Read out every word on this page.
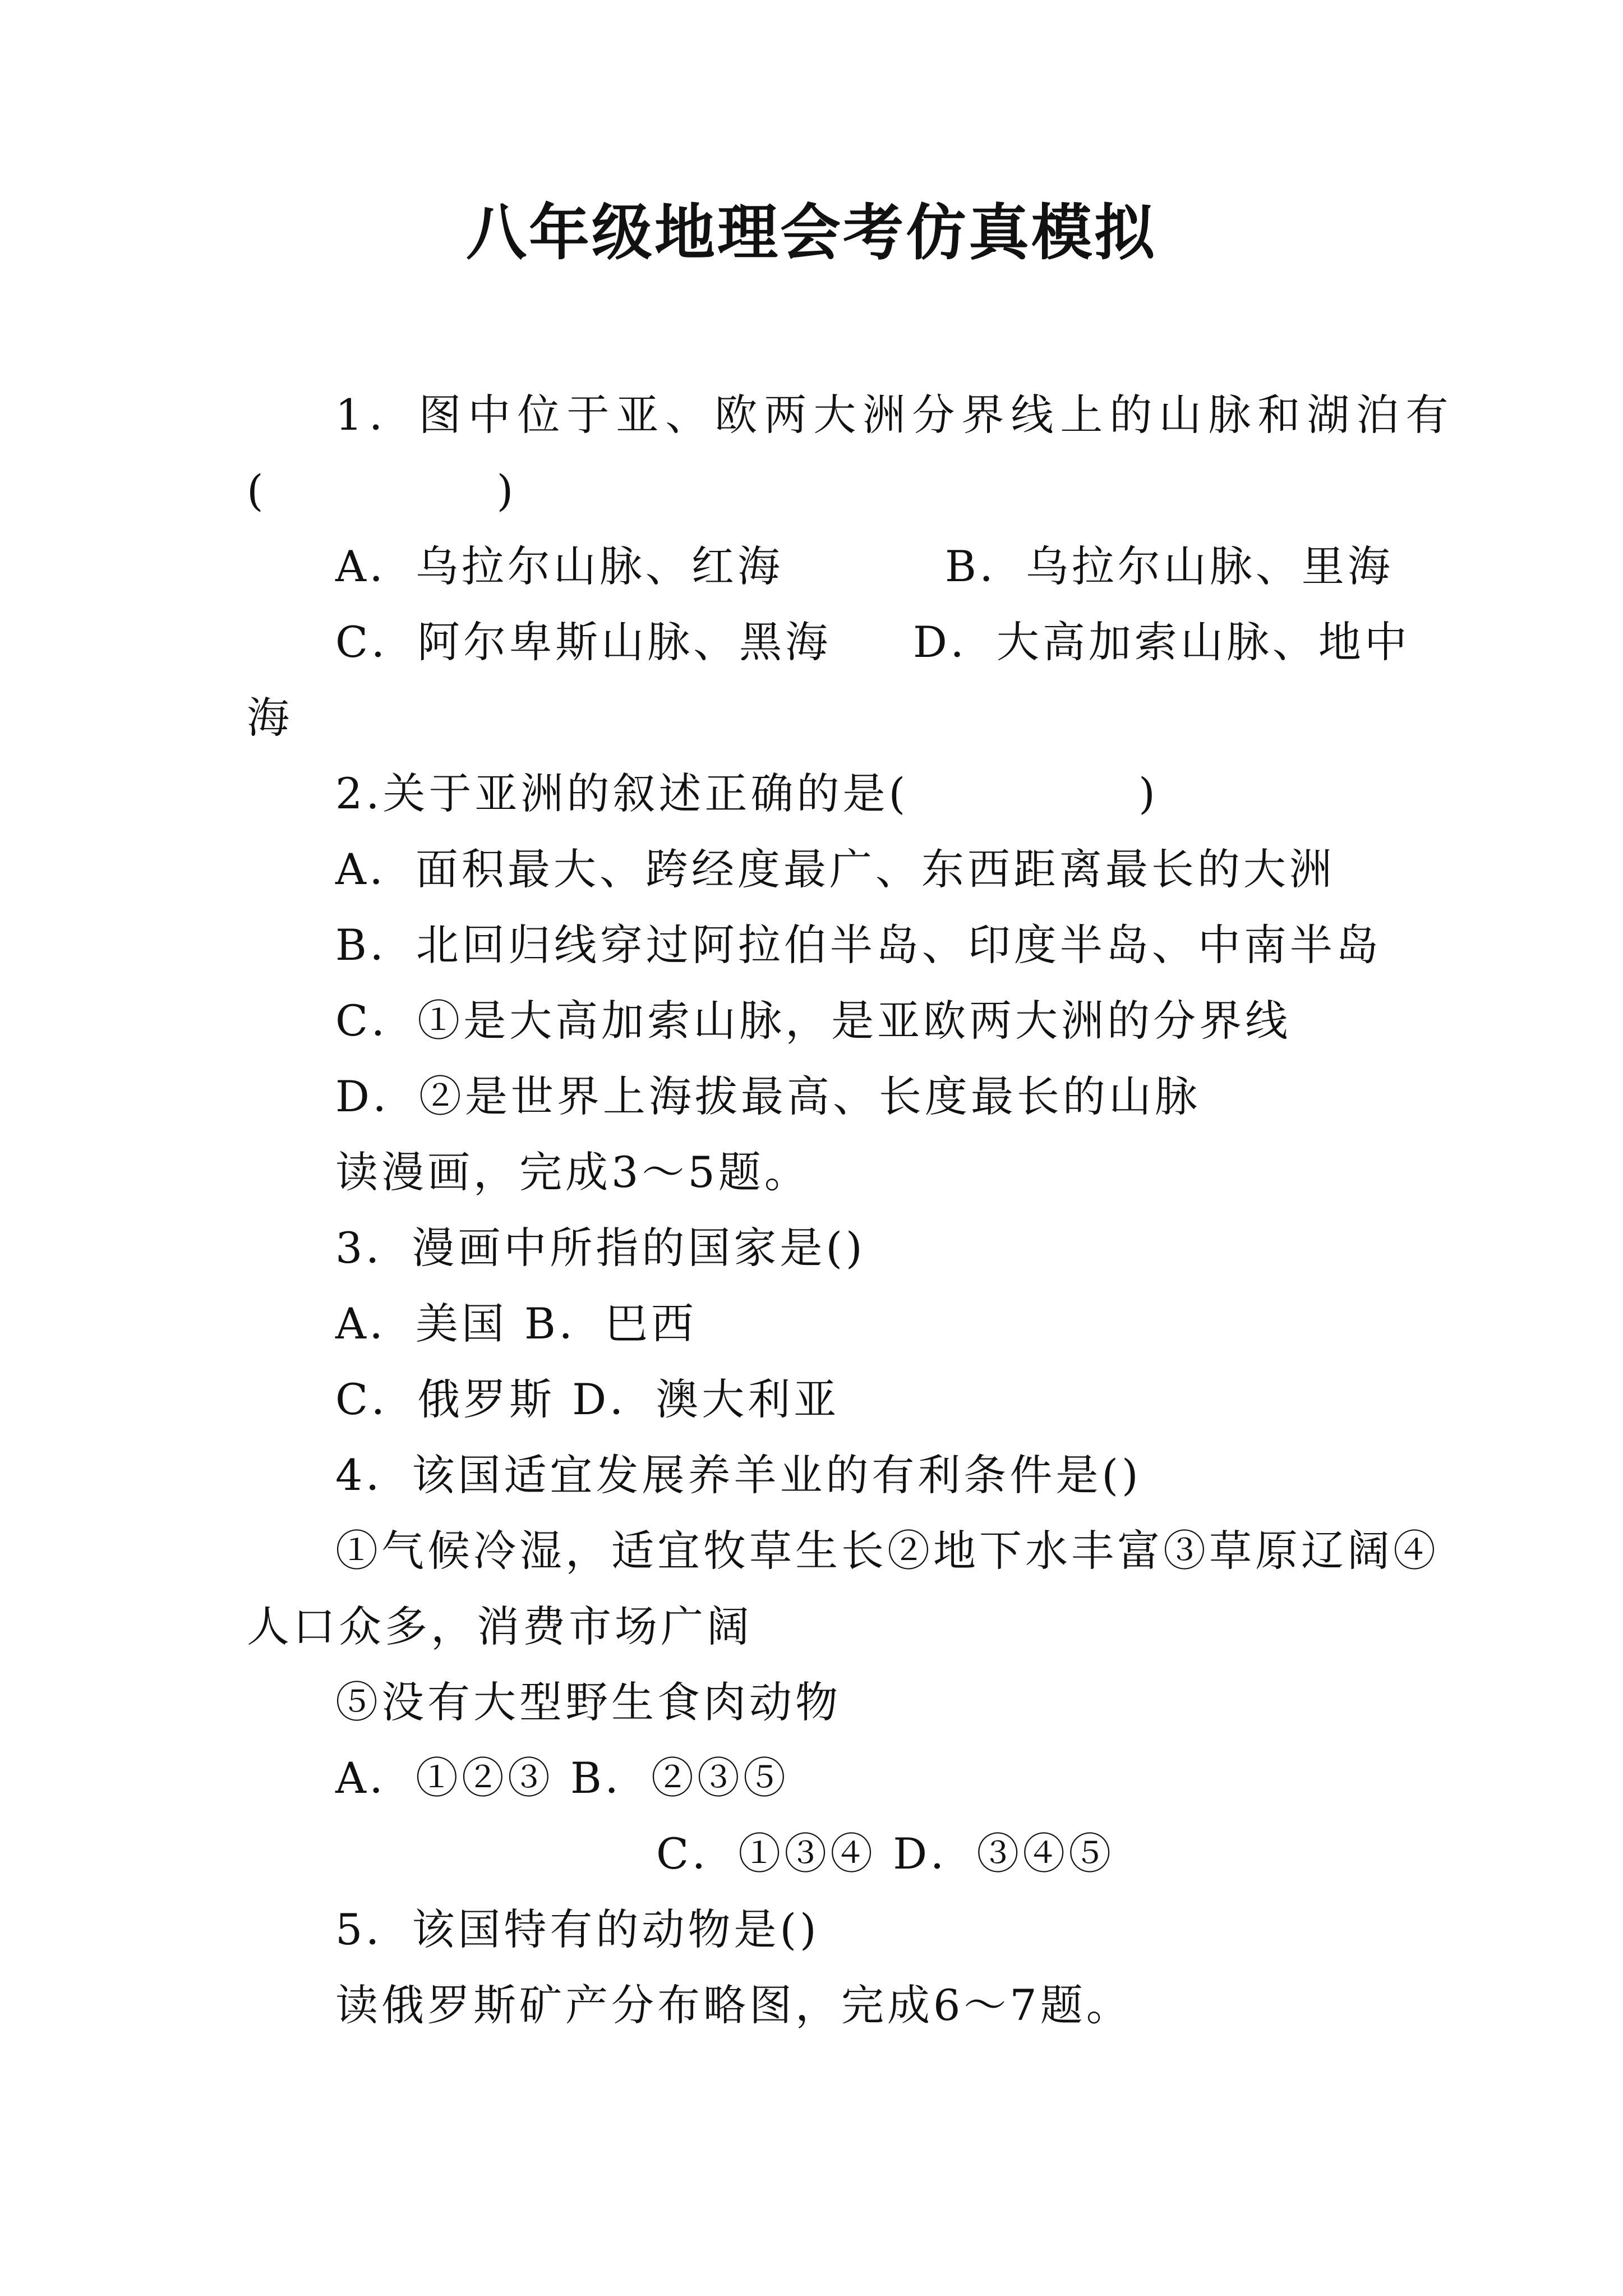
八年级地理会考仿真模拟
1．图中位于亚、欧两大洲分界线上的山脉和湖泊有
(　　　　　)
A．乌拉尔山脉、红海	B．乌拉尔山脉、里海
C．阿尔卑斯山脉、黑海 D．大高加索山脉、地中
海
2.关于亚洲的叙述正确的是(　　　　　)
A．面积最大、跨经度最广、东西距离最长的大洲
B．北回归线穿过阿拉伯半岛、印度半岛、中南半岛
C．①是大高加索山脉，是亚欧两大洲的分界线
D．②是世界上海拔最高、长度最长的山脉
读漫画，完成3～5题。
3．漫画中所指的国家是()
A．美国 B．巴西
C．俄罗斯 D．澳大利亚
4．该国适宜发展养羊业的有利条件是()
①气候冷湿，适宜牧草生长②地下水丰富③草原辽阔④
人口众多，消费市场广阔
⑤没有大型野生食肉动物
A．①②③ B．②③⑤
C．①③④ D．③④⑤
5．该国特有的动物是()
读俄罗斯矿产分布略图，完成6～7题。
